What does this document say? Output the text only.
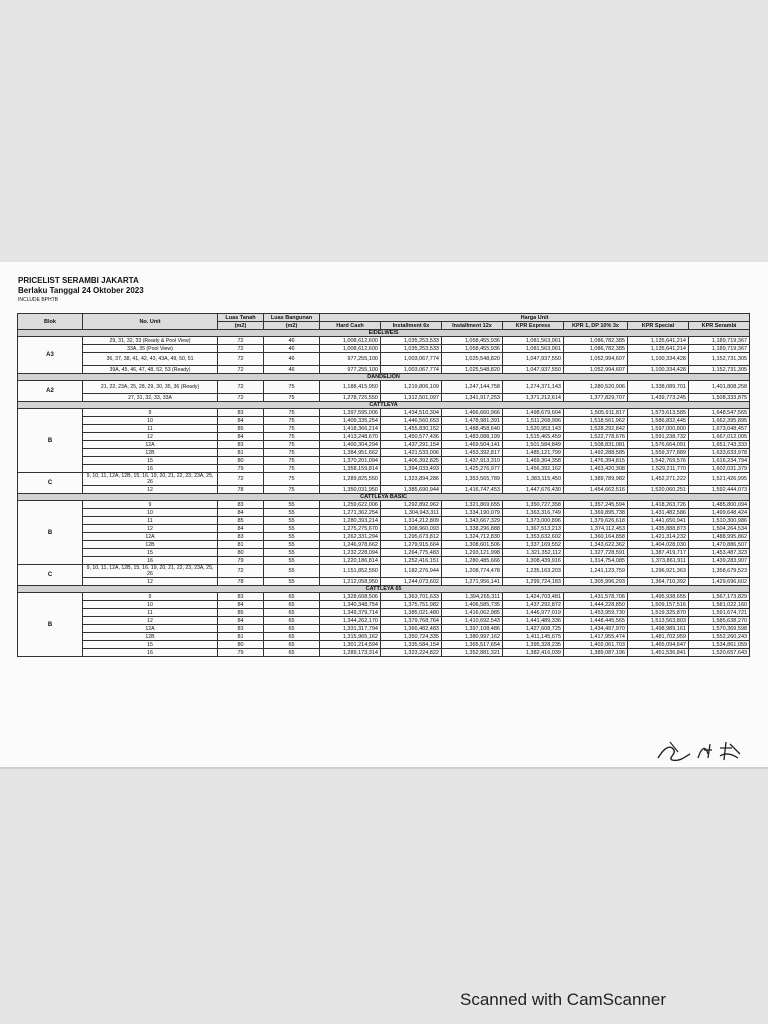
PRICELIST SERAMBI JAKARTA

Berlaku Tanggal 24 Oktober 2023

INCLUDE BPHTB

Blok	No. Unit	Luas Tanah	Luas Bangunan	Harga Unit						
		(m2)	(m2)	Hard Cash	Installment 6x	Installment 12x	KPR Express	KPR 1, DP 10% 3x	KPR Special	KPR Serambi
EIDELWEIS										
A3	29, 31, 32, 33 (Ready & Pool View)	72	46	1,008,612,600	1,035,253,533	1,058,455,936	1,081,563,061	1,086,782,385	1,135,641,214	1,189,719,367
	33A, 35 (Pool View)	72	46	1,008,612,600	1,035,253,533	1,058,455,936	1,081,563,061	1,086,782,385	1,135,641,214	1,189,719,367
	36, 37, 38, 41, 42, 43, 43A, 49, 50, 51	72	46	977,255,100	1,003,067,774	1,025,548,820	1,047,937,550	1,052,994,607	1,100,334,428	1,152,731,305
	39A, 45, 46, 47, 48, 52, 53 (Ready)	72	46	977,255,100	1,003,067,774	1,025,548,820	1,047,937,550	1,052,994,607	1,100,334,428	1,152,731,305
DANDELION										
A2	21, 22, 23A, 25, 28, 29, 30, 35, 36 (Ready)	72	75	1,188,415,950	1,219,806,109	1,247,144,758	1,274,371,143	1,280,520,906	1,338,089,701	1,401,808,258
	27, 31, 32, 33, 33A	72	75	1,278,725,550	1,312,501,097	1,341,917,253	1,371,212,614	1,377,829,707	1,439,773,245	1,508,333,875
CATTLEYA										
B	9	83	75	1,397,595,006	1,434,510,304	1,466,660,966	1,498,679,604	1,505,911,817	1,573,613,585	1,648,547,565
	10	84	75	1,409,335,254	1,446,560,653	1,478,981,391	1,511,268,996	1,518,561,962	1,586,832,445	1,662,395,895
	11	85	75	1,418,366,214	1,455,830,152	1,488,458,640	1,520,953,143	1,528,292,842	1,597,000,800	1,673,048,457
	12	84	75	1,413,248,670	1,450,577,436	1,483,088,199	1,515,465,459	1,522,778,676	1,591,238,732	1,667,012,005
	12A	83	75	1,400,304,294	1,437,291,154	1,469,504,141	1,501,584,849	1,508,831,081	1,576,664,091	1,651,743,333
	12B	81	75	1,384,951,662	1,421,533,006	1,453,392,817	1,485,121,799	1,492,288,585	1,559,377,889	1,633,633,978
	15	80	75	1,370,201,094	1,406,392,825	1,437,913,310	1,469,304,358	1,476,394,815	1,542,769,576	1,616,234,794
	16	79	75	1,358,159,814	1,394,033,493	1,425,276,977	1,456,392,162	1,463,420,308	1,529,211,770	1,602,031,379
C	9, 10, 11, 12A, 12B, 15, 16, 19, 20, 21, 22, 23, 23A, 25, 26	72	75	1,289,825,550	1,323,894,286	1,353,565,789	1,383,115,450	1,389,789,982	1,452,271,222	1,521,426,995
	12	78	75	1,350,031,950	1,385,690,944	1,416,747,453	1,447,676,430	1,454,662,516	1,520,060,251	1,592,444,073
CATTLEYA BASIC										
B	9	83	55	1,259,622,006	1,292,892,962	1,321,869,655	1,350,727,358	1,357,245,594	1,418,263,726	1,485,800,094
	10	84	55	1,271,362,254	1,304,943,311	1,334,190,079	1,363,316,749	1,369,895,738	1,431,482,586	1,499,648,424
	11	85	55	1,280,393,214	1,314,212,809	1,343,667,329	1,373,000,896	1,379,626,618	1,441,650,941	1,510,300,986
	12	84	55	1,275,275,670	1,308,960,093	1,338,296,888	1,367,513,213	1,374,112,453	1,435,888,873	1,504,264,534
	12A	83	55	1,262,331,294	1,295,673,812	1,324,712,830	1,353,632,602	1,360,164,858	1,421,314,232	1,488,995,862
	12B	81	55	1,246,978,662	1,279,915,664	1,308,601,506	1,337,169,552	1,343,622,362	1,404,028,030	1,470,886,507
	15	80	55	1,232,228,094	1,264,775,483	1,293,121,998	1,321,352,112	1,327,728,591	1,387,419,717	1,453,487,323
	16	79	55	1,220,186,814	1,252,416,151	1,280,485,666	1,308,439,916	1,314,754,085	1,373,861,911	1,439,283,907
C	9, 10, 11, 12A, 12B, 15, 16, 19, 20, 21, 22, 23, 23A, 25, 26	72	55	1,151,852,550	1,182,276,944	1,208,774,478	1,235,163,203	1,241,123,759	1,296,921,363	1,358,679,523
	12	78	55	1,212,058,950	1,244,073,602	1,271,956,141	1,299,724,183	1,305,996,293	1,364,710,392	1,429,696,602
CATTLEYA 65										
B	9	83	65	1,328,608,506	1,363,701,633	1,394,265,311	1,424,703,481	1,431,578,706	1,495,938,655	1,567,173,829
	10	84	65	1,340,348,754	1,375,751,982	1,406,585,735	1,437,292,872	1,444,228,850	1,509,157,516	1,581,022,160
	11	85	65	1,349,379,714	1,385,021,480	1,416,062,985	1,446,977,019	1,453,959,730	1,519,325,870	1,591,674,721
	12	84	65	1,344,262,170	1,379,768,764	1,410,692,543	1,441,489,336	1,448,445,565	1,513,563,803	1,585,638,270
	12A	83	65	1,331,317,794	1,366,482,483	1,397,108,486	1,427,608,725	1,434,497,970	1,498,989,161	1,570,369,598
	12B	81	65	1,315,965,162	1,350,724,335	1,380,997,162	1,411,145,675	1,417,955,474	1,481,702,959	1,552,260,243
	15	80	65	1,301,214,594	1,335,584,154	1,365,517,654	1,395,328,235	1,402,061,703	1,465,094,647	1,534,861,059
	16	79	65	1,289,173,314	1,323,224,822	1,352,881,321	1,382,416,039	1,389,087,196	1,451,536,841	1,520,657,643

Scanned with CamScanner
